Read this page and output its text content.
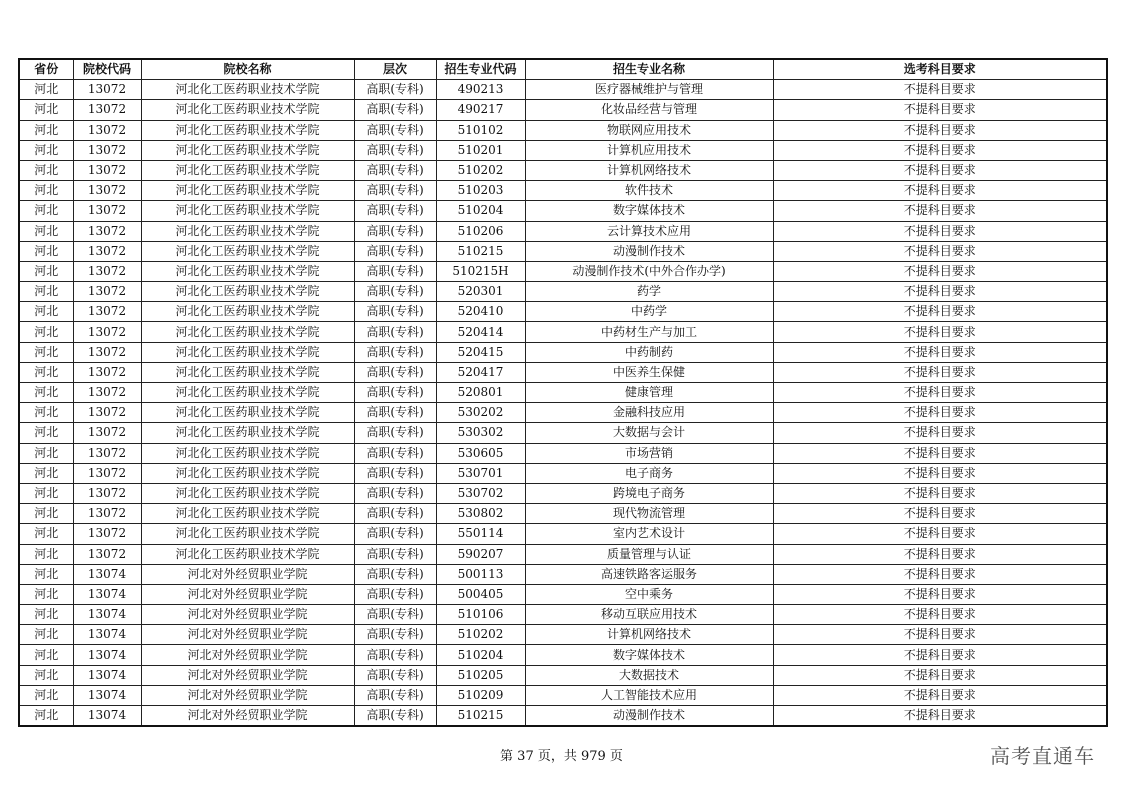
省份	院校代码	院校名称	层次	招生专业代码	招生专业名称	选考科目要求
河北	13072	河北化工医药职业技术学院	高职(专科)	490213	医疗器械维护与管理	不提科目要求
河北	13072	河北化工医药职业技术学院	高职(专科)	490217	化妆品经营与管理	不提科目要求
河北	13072	河北化工医药职业技术学院	高职(专科)	510102	物联网应用技术	不提科目要求
河北	13072	河北化工医药职业技术学院	高职(专科)	510201	计算机应用技术	不提科目要求
河北	13072	河北化工医药职业技术学院	高职(专科)	510202	计算机网络技术	不提科目要求
河北	13072	河北化工医药职业技术学院	高职(专科)	510203	软件技术	不提科目要求
河北	13072	河北化工医药职业技术学院	高职(专科)	510204	数字媒体技术	不提科目要求
河北	13072	河北化工医药职业技术学院	高职(专科)	510206	云计算技术应用	不提科目要求
河北	13072	河北化工医药职业技术学院	高职(专科)	510215	动漫制作技术	不提科目要求
河北	13072	河北化工医药职业技术学院	高职(专科)	510215H	动漫制作技术(中外合作办学)	不提科目要求
河北	13072	河北化工医药职业技术学院	高职(专科)	520301	药学	不提科目要求
河北	13072	河北化工医药职业技术学院	高职(专科)	520410	中药学	不提科目要求
河北	13072	河北化工医药职业技术学院	高职(专科)	520414	中药材生产与加工	不提科目要求
河北	13072	河北化工医药职业技术学院	高职(专科)	520415	中药制药	不提科目要求
河北	13072	河北化工医药职业技术学院	高职(专科)	520417	中医养生保健	不提科目要求
河北	13072	河北化工医药职业技术学院	高职(专科)	520801	健康管理	不提科目要求
河北	13072	河北化工医药职业技术学院	高职(专科)	530202	金融科技应用	不提科目要求
河北	13072	河北化工医药职业技术学院	高职(专科)	530302	大数据与会计	不提科目要求
河北	13072	河北化工医药职业技术学院	高职(专科)	530605	市场营销	不提科目要求
河北	13072	河北化工医药职业技术学院	高职(专科)	530701	电子商务	不提科目要求
河北	13072	河北化工医药职业技术学院	高职(专科)	530702	跨境电子商务	不提科目要求
河北	13072	河北化工医药职业技术学院	高职(专科)	530802	现代物流管理	不提科目要求
河北	13072	河北化工医药职业技术学院	高职(专科)	550114	室内艺术设计	不提科目要求
河北	13072	河北化工医药职业技术学院	高职(专科)	590207	质量管理与认证	不提科目要求
河北	13074	河北对外经贸职业学院	高职(专科)	500113	高速铁路客运服务	不提科目要求
河北	13074	河北对外经贸职业学院	高职(专科)	500405	空中乘务	不提科目要求
河北	13074	河北对外经贸职业学院	高职(专科)	510106	移动互联应用技术	不提科目要求
河北	13074	河北对外经贸职业学院	高职(专科)	510202	计算机网络技术	不提科目要求
河北	13074	河北对外经贸职业学院	高职(专科)	510204	数字媒体技术	不提科目要求
河北	13074	河北对外经贸职业学院	高职(专科)	510205	大数据技术	不提科目要求
河北	13074	河北对外经贸职业学院	高职(专科)	510209	人工智能技术应用	不提科目要求
河北	13074	河北对外经贸职业学院	高职(专科)	510215	动漫制作技术	不提科目要求
第 37 页，共 979 页	高考直通车
